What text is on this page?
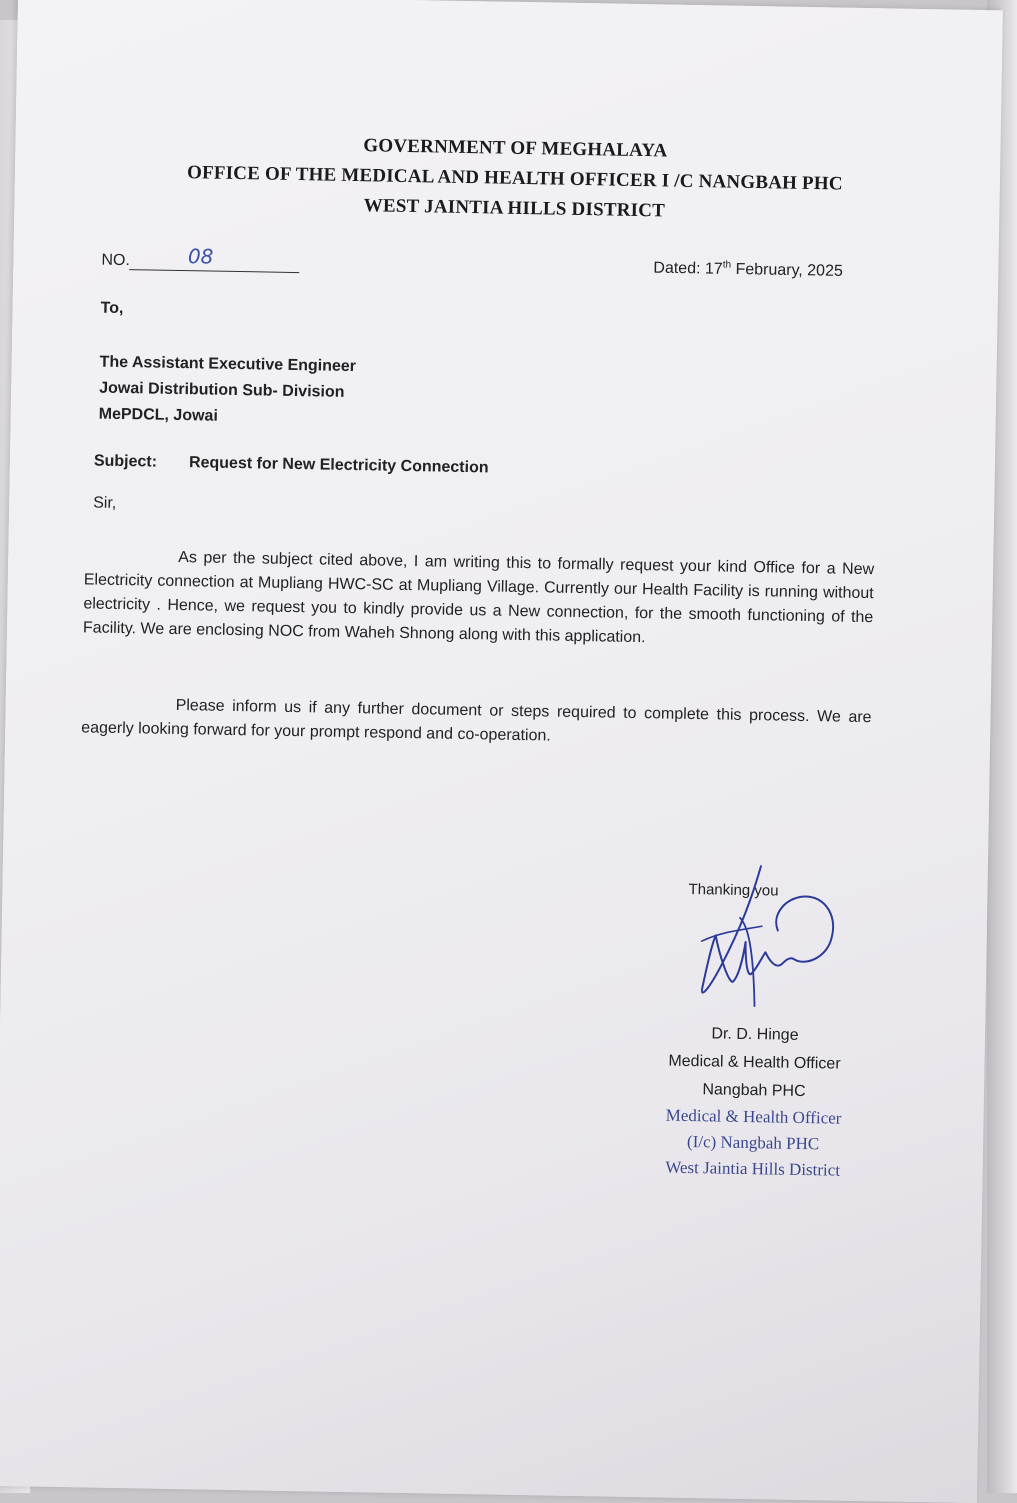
GOVERNMENT OF MEGHALAYA
OFFICE OF THE MEDICAL AND HEALTH OFFICER I /C NANGBAH PHC
WEST JAINTIA HILLS DISTRICT
NO.	08
Dated: 17th February, 2025
To,
The Assistant Executive Engineer
Jowai Distribution Sub- Division
MePDCL, Jowai
Subject: Request for New Electricity Connection
Sir,
As per the subject cited above, I am writing this to formally request your kind Office for a New Electricity connection at Mupliang HWC-SC at Mupliang Village. Currently our Health Facility is running without electricity . Hence, we request you to kindly provide us a New connection, for the smooth functioning of the Facility. We are enclosing NOC from Waheh Shnong along with this application.
Please inform us if any further document or steps required to complete this process. We are eagerly looking forward for your prompt respond and co-operation.
Thanking you
Dr. D. Hinge
Medical & Health Officer
Nangbah PHC
Medical & Health Officer
(I/c) Nangbah PHC
West Jaintia Hills District
